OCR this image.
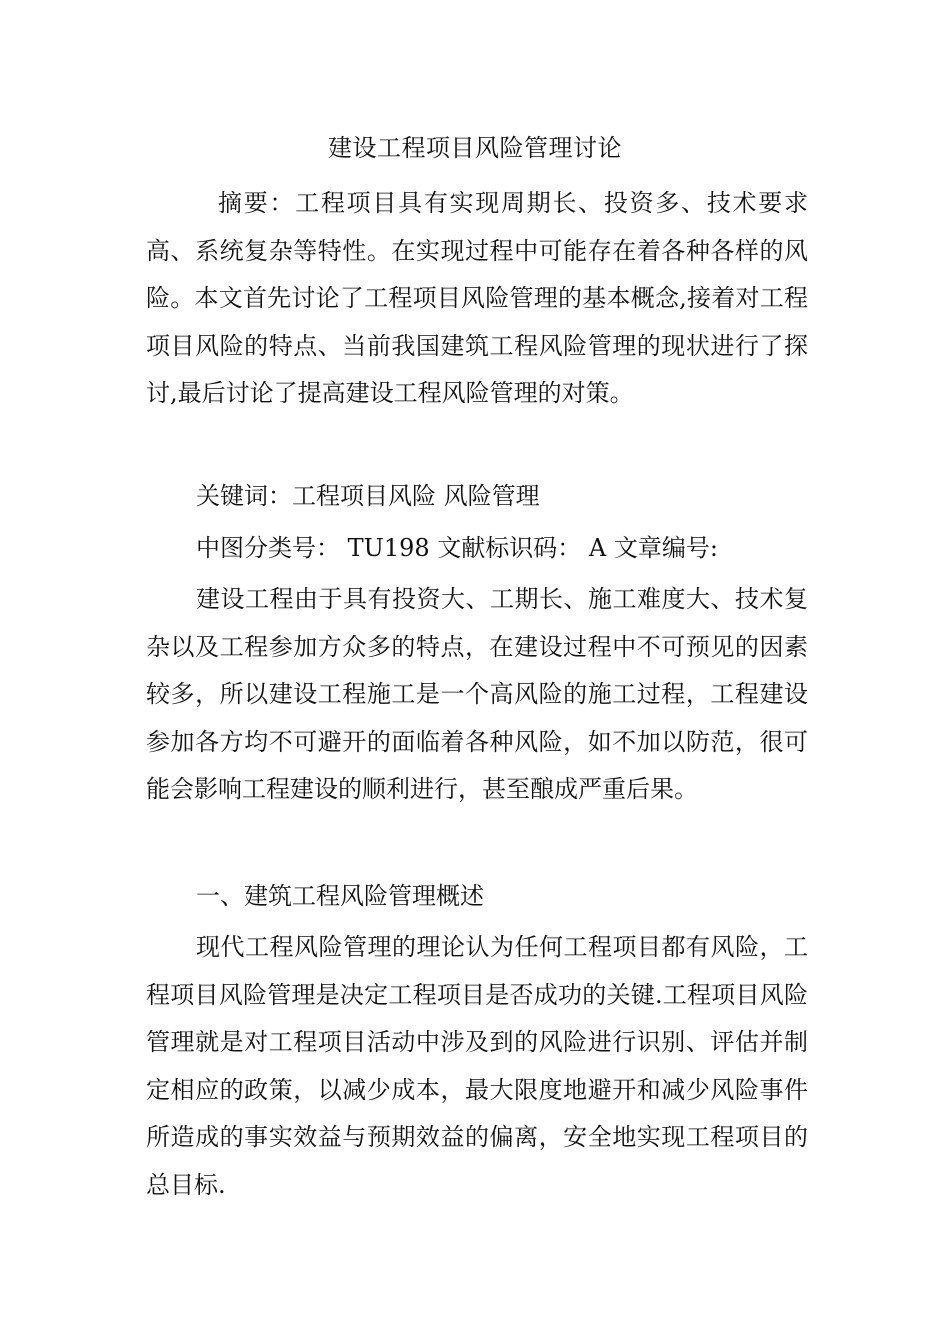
建设工程项目风险管理讨论

摘要：工程项目具有实现周期长、投资多、技术要求高、系统复杂等特性。在实现过程中可能存在着各种各样的风险。本文首先讨论了工程项目风险管理的基本概念,接着对工程项目风险的特点、当前我国建筑工程风险管理的现状进行了探讨,最后讨论了提高建设工程风险管理的对策。

关键词：工程项目风险 风险管理
中图分类号： TU198 文献标识码： A 文章编号:

建设工程由于具有投资大、工期长、施工难度大、技术复杂以及工程参加方众多的特点，在建设过程中不可预见的因素较多，所以建设工程施工是一个高风险的施工过程，工程建设参加各方均不可避开的面临着各种风险，如不加以防范，很可能会影响工程建设的顺利进行，甚至酿成严重后果。

一、建筑工程风险管理概述

现代工程风险管理的理论认为任何工程项目都有风险，工程项目风险管理是决定工程项目是否成功的关键.工程项目风险管理就是对工程项目活动中涉及到的风险进行识别、评估并制定相应的政策，以减少成本，最大限度地避开和减少风险事件所造成的事实效益与预期效益的偏离，安全地实现工程项目的总目标.
